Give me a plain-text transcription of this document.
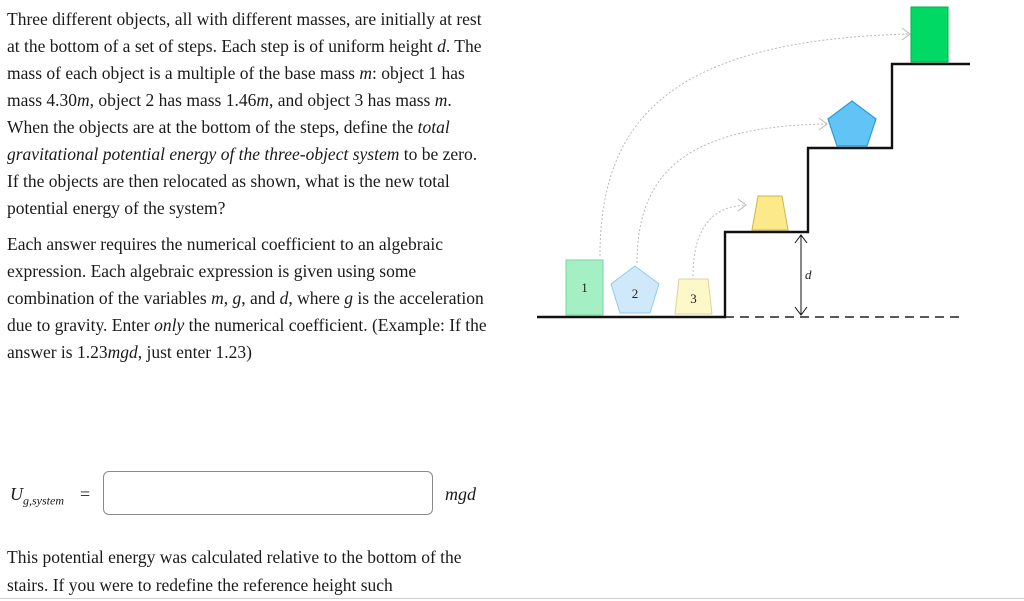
Three different objects, all with different masses, are initially at rest at the bottom of a set of steps. Each step is of uniform height d. The mass of each object is a multiple of the base mass m: object 1 has mass 4.30m, object 2 has mass 1.46m, and object 3 has mass m. When the objects are at the bottom of the steps, define the total gravitational potential energy of the three-object system to be zero. If the objects are then relocated as shown, what is the new total potential energy of the system?

Each answer requires the numerical coefficient to an algebraic expression. Each algebraic expression is given using some combination of the variables m, g, and d, where g is the acceleration due to gravity. Enter only the numerical coefficient. (Example: If the answer is 1.23mgd, just enter 1.23)

1	2	3
d
$U_{g,system}$ =	mgd

This potential energy was calculated relative to the bottom of the stairs. If you were to redefine the reference height such
